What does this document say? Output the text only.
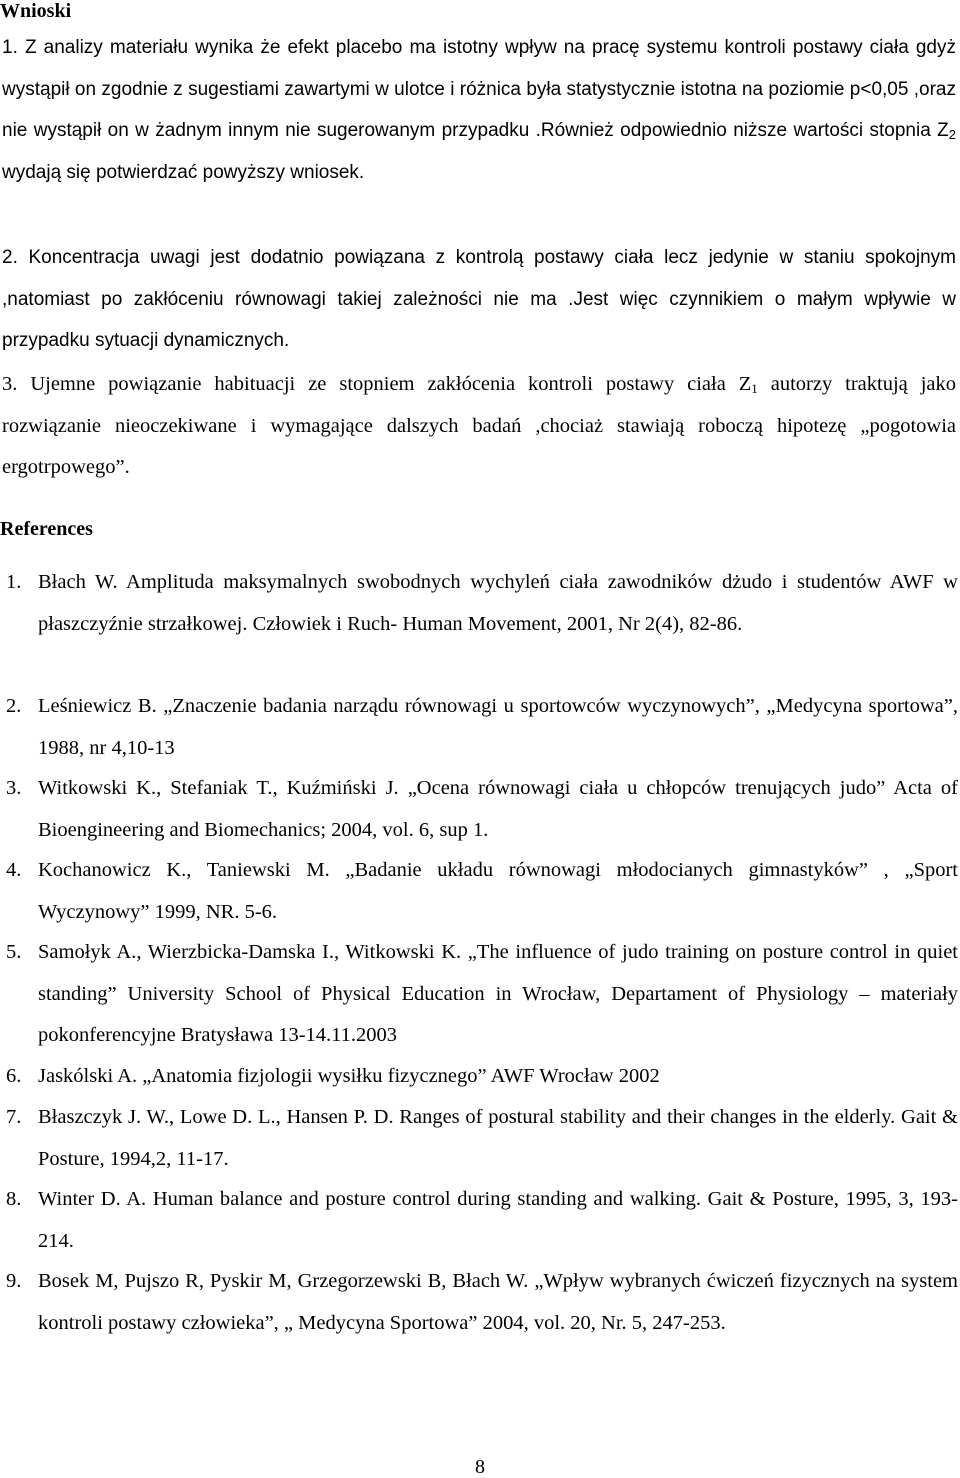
Wnioski

1. Z analizy materiału wynika że efekt placebo ma istotny wpływ na pracę systemu kontroli postawy ciała gdyż wystąpił on zgodnie z sugestiami zawartymi w ulotce i różnica była statystycznie istotna na poziomie p<0,05 ,oraz nie wystąpił on w żadnym innym nie sugerowanym przypadku .Również odpowiednio niższe wartości stopnia $Z_2$ wydają się potwierdzać powyższy wniosek.

2. Koncentracja uwagi jest dodatnio powiązana z kontrolą postawy ciała lecz jedynie w staniu spokojnym ,natomiast po zakłóceniu równowagi takiej zależności nie ma .Jest więc czynnikiem o małym wpływie w przypadku sytuacji dynamicznych.

3. Ujemne powiązanie habituacji ze stopniem zakłócenia kontroli postawy ciała $Z_1$ autorzy traktują jako rozwiązanie nieoczekiwane i wymagające dalszych badań ,chociaż stawiają roboczą hipotezę „pogotowia ergotrpowego”.

References
1. Błach W. Amplituda maksymalnych swobodnych wychyleń ciała zawodników dżudo i studentów AWF w płaszczyźnie strzałkowej. Człowiek i Ruch- Human Movement, 2001, Nr 2(4), 82-86.
2. Leśniewicz B. „Znaczenie badania narządu równowagi u sportowców wyczynowych”, „Medycyna sportowa”, 1988, nr 4,10-13
3. Witkowski K., Stefaniak T., Kuźmiński J. „Ocena równowagi ciała u chłopców trenujących judo” Acta of Bioengineering and Biomechanics; 2004, vol. 6, sup 1.
4. Kochanowicz K., Taniewski M. „Badanie układu równowagi młodocianych gimnastyków” , „Sport Wyczynowy” 1999, NR. 5-6.
5. Samołyk A., Wierzbicka-Damska I., Witkowski K. „The influence of judo training on posture control in quiet standing” University School of Physical Education in Wrocław, Departament of Physiology – materiały pokonferencyjne Bratysława 13-14.11.2003
6. Jaskólski A. „Anatomia fizjologii wysiłku fizycznego” AWF Wrocław 2002
7. Błaszczyk J. W., Lowe D. L., Hansen P. D. Ranges of postural stability and their changes in the elderly. Gait & Posture, 1994,2, 11-17.
8. Winter D. A. Human balance and posture control during standing and walking. Gait & Posture, 1995, 3, 193-214.
9. Bosek M, Pujszo R, Pyskir M, Grzegorzewski B, Błach W. „Wpływ wybranych ćwiczeń fizycznych na system kontroli postawy człowieka”, „ Medycyna Sportowa” 2004, vol. 20, Nr. 5, 247-253.

8
